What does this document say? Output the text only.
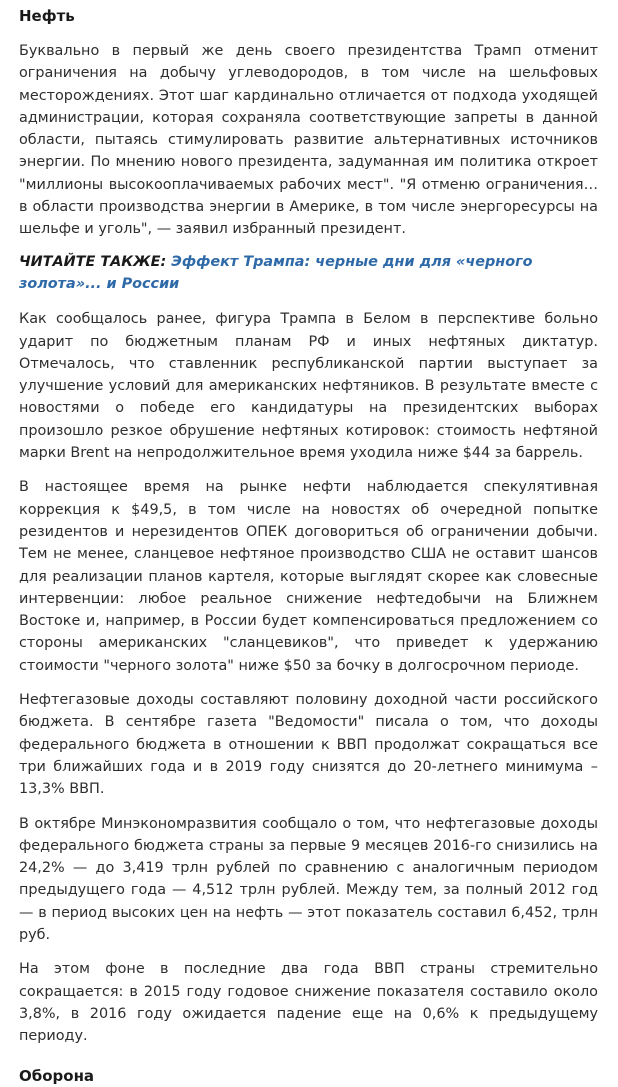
Нефть

Буквально в первый же день своего президентства Трамп отменит ограничения на добычу углеводородов, в том числе на шельфовых месторождениях. Этот шаг кардинально отличается от подхода уходящей администрации, которая сохраняла соответствующие запреты в данной области, пытаясь стимулировать развитие альтернативных источников энергии. По мнению нового президента, задуманная им политика откроет "миллионы высокооплачиваемых рабочих мест". "Я отменю ограничения… в области производства энергии в Америке, в том числе энергоресурсы на шельфе и уголь", — заявил избранный президент.

ЧИТАЙТЕ ТАКЖЕ: Эффект Трампа: черные дни для «черного золота»... и России

Как сообщалось ранее, фигура Трампа в Белом в перспективе больно ударит по бюджетным планам РФ и иных нефтяных диктатур. Отмечалось, что ставленник республиканской партии выступает за улучшение условий для американских нефтяников. В результате вместе с новостями о победе его кандидатуры на президентских выборах произошло резкое обрушение нефтяных котировок: стоимость нефтяной марки Brent на непродолжительное время уходила ниже $44 за баррель.

В настоящее время на рынке нефти наблюдается спекулятивная коррекция к $49,5, в том числе на новостях об очередной попытке резидентов и нерезидентов ОПЕК договориться об ограничении добычи. Тем не менее, сланцевое нефтяное производство США не оставит шансов для реализации планов картеля, которые выглядят скорее как словесные интервенции: любое реальное снижение нефтедобычи на Ближнем Востоке и, например, в России будет компенсироваться предложением со стороны американских "сланцевиков", что приведет к удержанию стоимости "черного золота" ниже $50 за бочку в долгосрочном периоде.

Нефтегазовые доходы составляют половину доходной части российского бюджета. В сентябре газета "Ведомости" писала о том, что доходы федерального бюджета в отношении к ВВП продолжат сокращаться все три ближайших года и в 2019 году снизятся до 20-летнего минимума – 13,3% ВВП.

В октябре Минэкономразвития сообщало о том, что нефтегазовые доходы федерального бюджета страны за первые 9 месяцев 2016-го снизились на 24,2% — до 3,419 трлн рублей по сравнению с аналогичным периодом предыдущего года — 4,512 трлн рублей. Между тем, за полный 2012 год — в период высоких цен на нефть — этот показатель составил 6,452, трлн руб.

На этом фоне в последние два года ВВП страны стремительно сокращается: в 2015 году годовое снижение показателя составило около 3,8%, в 2016 году ожидается падение еще на 0,6% к предыдущему периоду.

Оборона
